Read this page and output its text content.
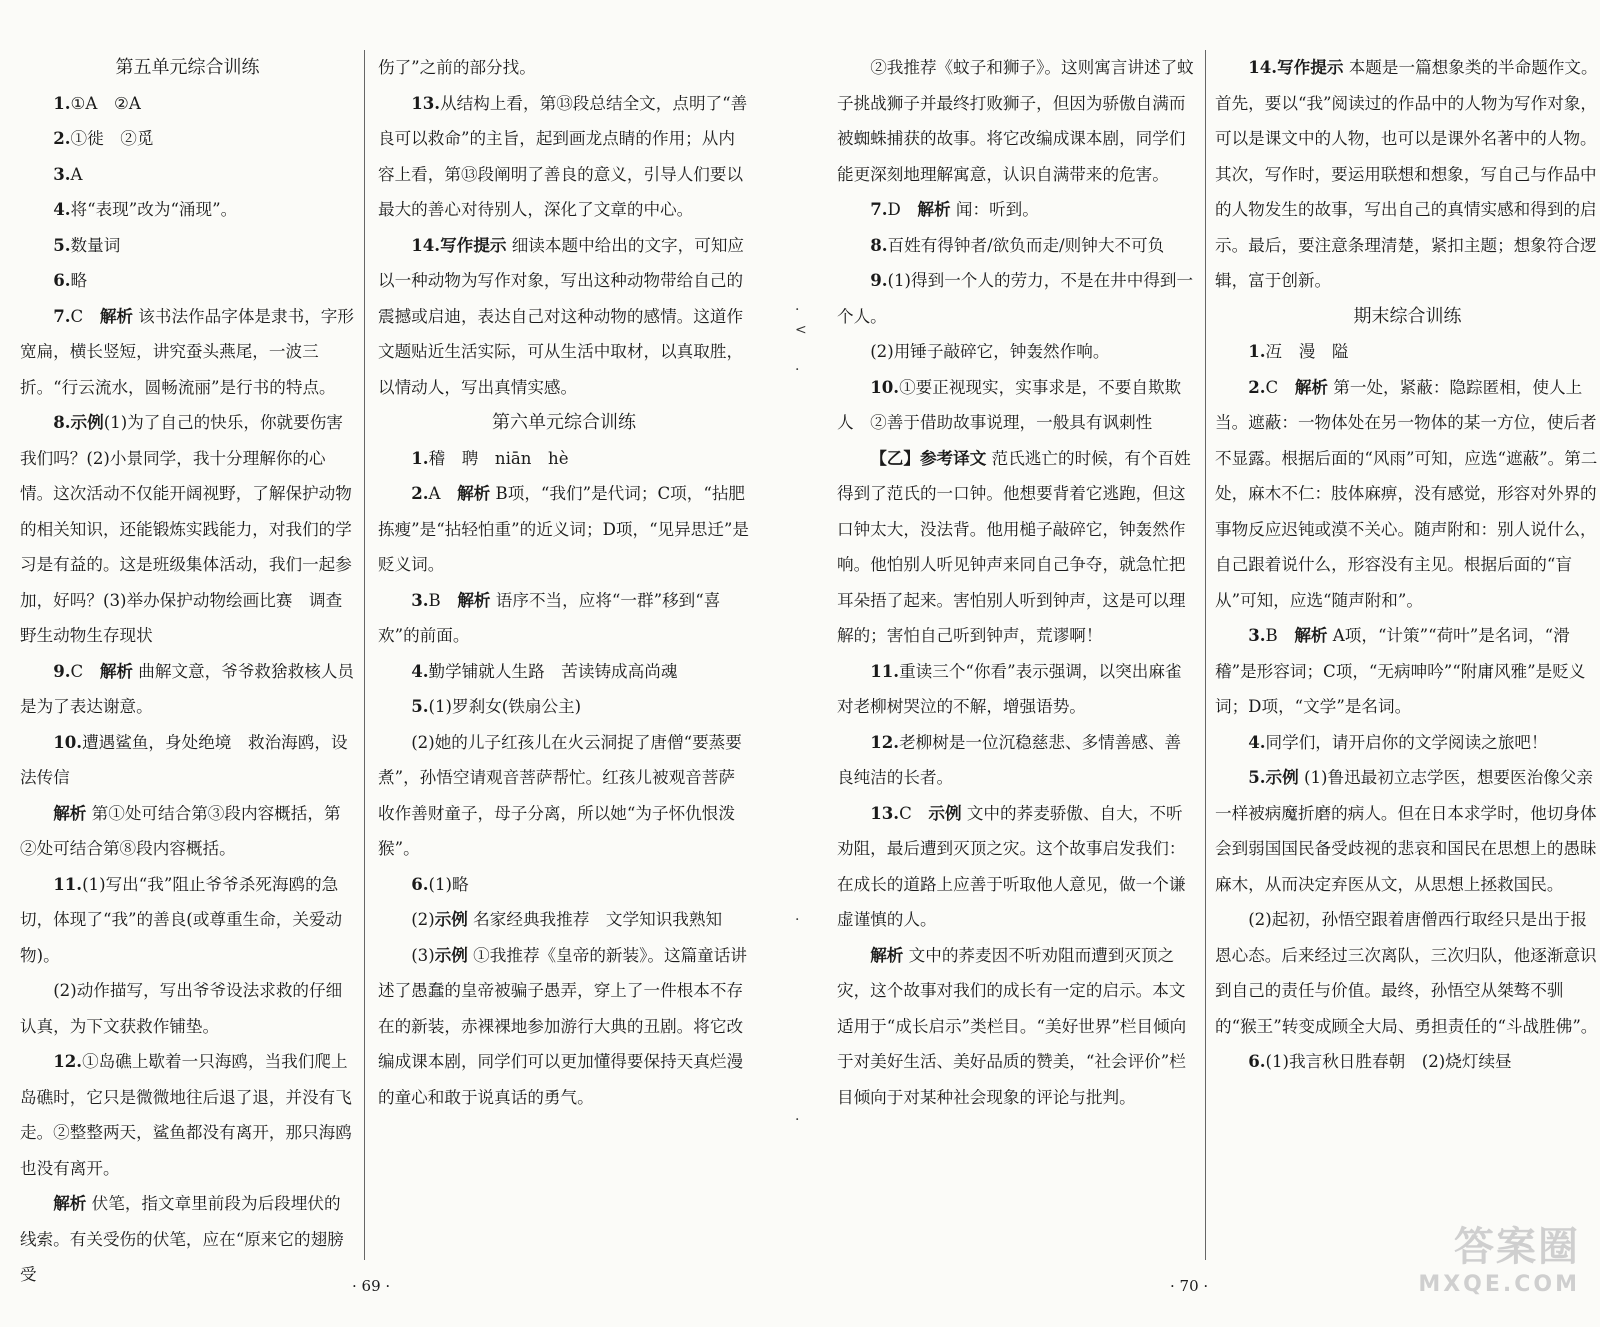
第五单元综合训练

1.①A　②A

2.①徙　②觅

3.A

4.将“表现”改为“涌现”。

5.数量词

6.略

7.C　解析 该书法作品字体是隶书，字形宽扁，横长竖短，讲究蚕头燕尾，一波三折。“行云流水，圆畅流丽”是行书的特点。

8.示例(1)为了自己的快乐，你就要伤害我们吗？(2)小景同学，我十分理解你的心情。这次活动不仅能开阔视野，了解保护动物的相关知识，还能锻炼实践能力，对我们的学习是有益的。这是班级集体活动，我们一起参加，好吗？(3)举办保护动物绘画比赛　调查野生动物生存现状

9.C　解析 曲解文意，爷爷救猞救核人员是为了表达谢意。

10.遭遇鲨鱼，身处绝境　救治海鸥，设法传信

解析 第①处可结合第③段内容概括，第②处可结合第⑧段内容概括。

11.(1)写出“我”阻止爷爷杀死海鸥的急切，体现了“我”的善良(或尊重生命，关爱动物)。

(2)动作描写，写出爷爷设法求救的仔细认真，为下文获救作铺垫。

12.①岛礁上歇着一只海鸥，当我们爬上岛礁时，它只是微微地往后退了退，并没有飞走。②整整两天，鲨鱼都没有离开，那只海鸥也没有离开。

解析 伏笔，指文章里前段为后段埋伏的线索。有关受伤的伏笔，应在“原来它的翅膀受

伤了”之前的部分找。

13.从结构上看，第⑬段总结全文，点明了“善良可以救命”的主旨，起到画龙点睛的作用；从内容上看，第⑬段阐明了善良的意义，引导人们要以最大的善心对待别人，深化了文章的中心。

14.写作提示 细读本题中给出的文字，可知应以一种动物为写作对象，写出这种动物带给自己的震撼或启迪，表达自己对这种动物的感情。这道作文题贴近生活实际，可从生活中取材，以真取胜，以情动人，写出真情实感。

第六单元综合训练

1.稽　聘　niān　hè

2.A　解析 B项，“我们”是代词；C项，“拈肥拣瘦”是“拈轻怕重”的近义词；D项，“见异思迁”是贬义词。

3.B　解析 语序不当，应将“一群”移到“喜欢”的前面。

4.勤学铺就人生路　苦读铸成高尚魂

5.(1)罗刹女(铁扇公主)

(2)她的儿子红孩儿在火云洞捉了唐僧“要蒸要煮”，孙悟空请观音菩萨帮忙。红孩儿被观音菩萨收作善财童子，母子分离，所以她“为子怀仇恨泼猴”。

6.(1)略

(2)示例 名家经典我推荐　文学知识我熟知

(3)示例 ①我推荐《皇帝的新装》。这篇童话讲述了愚蠢的皇帝被骗子愚弄，穿上了一件根本不存在的新装，赤裸裸地参加游行大典的丑剧。将它改编成课本剧，同学们可以更加懂得要保持天真烂漫的童心和敢于说真话的勇气。

· 69 ·
·
<
·
·
·

②我推荐《蚊子和狮子》。这则寓言讲述了蚊子挑战狮子并最终打败狮子，但因为骄傲自满而被蜘蛛捕获的故事。将它改编成课本剧，同学们能更深刻地理解寓意，认识自满带来的危害。

7.D　解析 闻：听到。

8.百姓有得钟者/欲负而走/则钟大不可负

9.(1)得到一个人的劳力，不是在井中得到一个人。

(2)用锤子敲碎它，钟轰然作响。

10.①要正视现实，实事求是，不要自欺欺人　②善于借助故事说理，一般具有讽刺性

【乙】参考译文 范氏逃亡的时候，有个百姓得到了范氏的一口钟。他想要背着它逃跑，但这口钟太大，没法背。他用槌子敲碎它，钟轰然作响。他怕别人听见钟声来同自己争夺，就急忙把耳朵捂了起来。害怕别人听到钟声，这是可以理解的；害怕自己听到钟声，荒谬啊！

11.重读三个“你看”表示强调，以突出麻雀对老柳树哭泣的不解，增强语势。

12.老柳树是一位沉稳慈悲、多情善感、善良纯洁的长者。

13.C　示例 文中的荞麦骄傲、自大，不听劝阻，最后遭到灭顶之灾。这个故事启发我们：在成长的道路上应善于听取他人意见，做一个谦虚谨慎的人。

解析 文中的荞麦因不听劝阻而遭到灭顶之灾，这个故事对我们的成长有一定的启示。本文适用于“成长启示”类栏目。“美好世界”栏目倾向于对美好生活、美好品质的赞美，“社会评价”栏目倾向于对某种社会现象的评论与批判。

14.写作提示 本题是一篇想象类的半命题作文。首先，要以“我”阅读过的作品中的人物为写作对象，可以是课文中的人物，也可以是课外名著中的人物。其次，写作时，要运用联想和想象，写自己与作品中的人物发生的故事，写出自己的真情实感和得到的启示。最后，要注意条理清楚，紧扣主题；想象符合逻辑，富于创新。

期末综合训练

1.冱　漫　隘

2.C　解析 第一处，紧蔽：隐踪匿相，使人上当。遮蔽：一物体处在另一物体的某一方位，使后者不显露。根据后面的“风雨”可知，应选“遮蔽”。第二处，麻木不仁：肢体麻痹，没有感觉，形容对外界的事物反应迟钝或漠不关心。随声附和：别人说什么，自己跟着说什么，形容没有主见。根据后面的“盲从”可知，应选“随声附和”。

3.B　解析 A项，“计策”“荷叶”是名词，“滑稽”是形容词；C项，“无病呻吟”“附庸风雅”是贬义词；D项，“文学”是名词。

4.同学们，请开启你的文学阅读之旅吧！

5.示例 (1)鲁迅最初立志学医，想要医治像父亲一样被病魔折磨的病人。但在日本求学时，他切身体会到弱国国民备受歧视的悲哀和国民在思想上的愚昧麻木，从而决定弃医从文，从思想上拯救国民。

(2)起初，孙悟空跟着唐僧西行取经只是出于报恩心态。后来经过三次离队，三次归队，他逐渐意识到自己的责任与价值。最终，孙悟空从桀骜不驯的“猴王”转变成顾全大局、勇担责任的“斗战胜佛”。

6.(1)我言秋日胜春朝　(2)烧灯续昼

· 70 ·
答案圈
MXQE.COM
